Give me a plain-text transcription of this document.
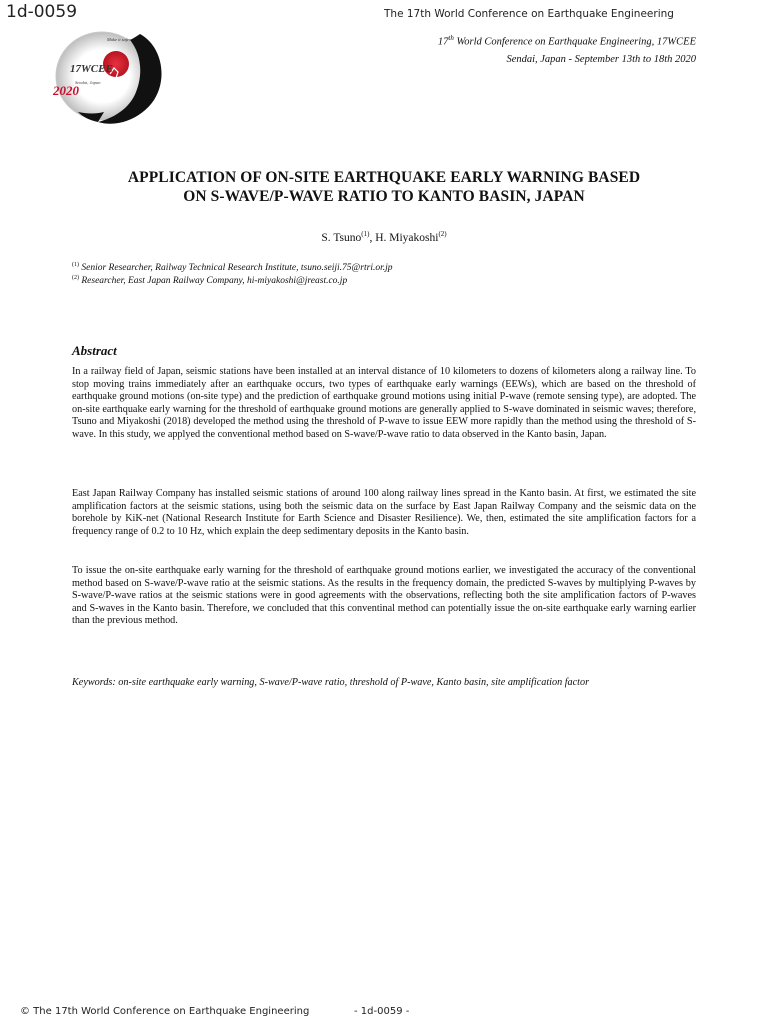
1d-0059	The 17th World Conference on Earthquake Engineering
17th World Conference on Earthquake Engineering, 17WCEE
Sendai, Japan - September 13th to 18th 2020
Make it safer
17WCEE
Sendai, Japan
2020
APPLICATION OF ON-SITE EARTHQUAKE EARLY WARNING BASED
ON S-WAVE/P-WAVE RATIO TO KANTO BASIN, JAPAN
S. Tsuno$^{(1)}$, H. Miyakoshi$^{(2)}$
$^{(1)}$ Senior Researcher, Railway Technical Research Institute, tsuno.seiji.75@rtri.or.jp
$^{(2)}$ Researcher, East Japan Railway Company, hi-miyakoshi@jreast.co.jp
Abstract
In a railway field of Japan, seismic stations have been installed at an interval distance of 10 kilometers to dozens of kilometers along a railway line. To stop moving trains immediately after an earthquake occurs, two types of earthquake early warnings (EEWs), which are based on the threshold of earthquake ground motions (on-site type) and the prediction of earthquake ground motions using initial P-wave (remote sensing type), are adopted. The on-site earthquake early warning for the threshold of earthquake ground motions are generally applied to S-wave dominated in seismic waves; therefore, Tsuno and Miyakoshi (2018) developed the method using the threshold of P-wave to issue EEW more rapidly than the method using the threshold of S-wave. In this study, we applyed the conventional method based on S-wave/P-wave ratio to data observed in the Kanto basin, Japan.
East Japan Railway Company has installed seismic stations of around 100 along railway lines spread in the Kanto basin. At first, we estimated the site amplification factors at the seismic stations, using both the seismic data on the surface by East Japan Railway Company and the seismic data on the borehole by KiK-net (National Research Institute for Earth Science and Disaster Resilience). We, then, estimated the site amplification factors for a frequency range of 0.2 to 10 Hz, which explain the deep sedimentary deposits in the Kanto basin.
To issue the on-site earthquake early warning for the threshold of earthquake ground motions earlier, we investigated the accuracy of the conventional method based on S-wave/P-wave ratio at the seismic stations. As the results in the frequency domain, the predicted S-waves by multiplying P-waves by S-wave/P-wave ratios at the seismic stations were in good agreements with the observations, reflecting both the site amplification factors of P-waves and S-waves in the Kanto basin. Therefore, we concluded that this conventinal method can potentially issue the on-site earthquake early warning earlier than the previous method.
Keywords: on-site earthquake early warning, S-wave/P-wave ratio, threshold of P-wave, Kanto basin, site amplification factor
© The 17th World Conference on Earthquake Engineering	- 1d-0059 -
